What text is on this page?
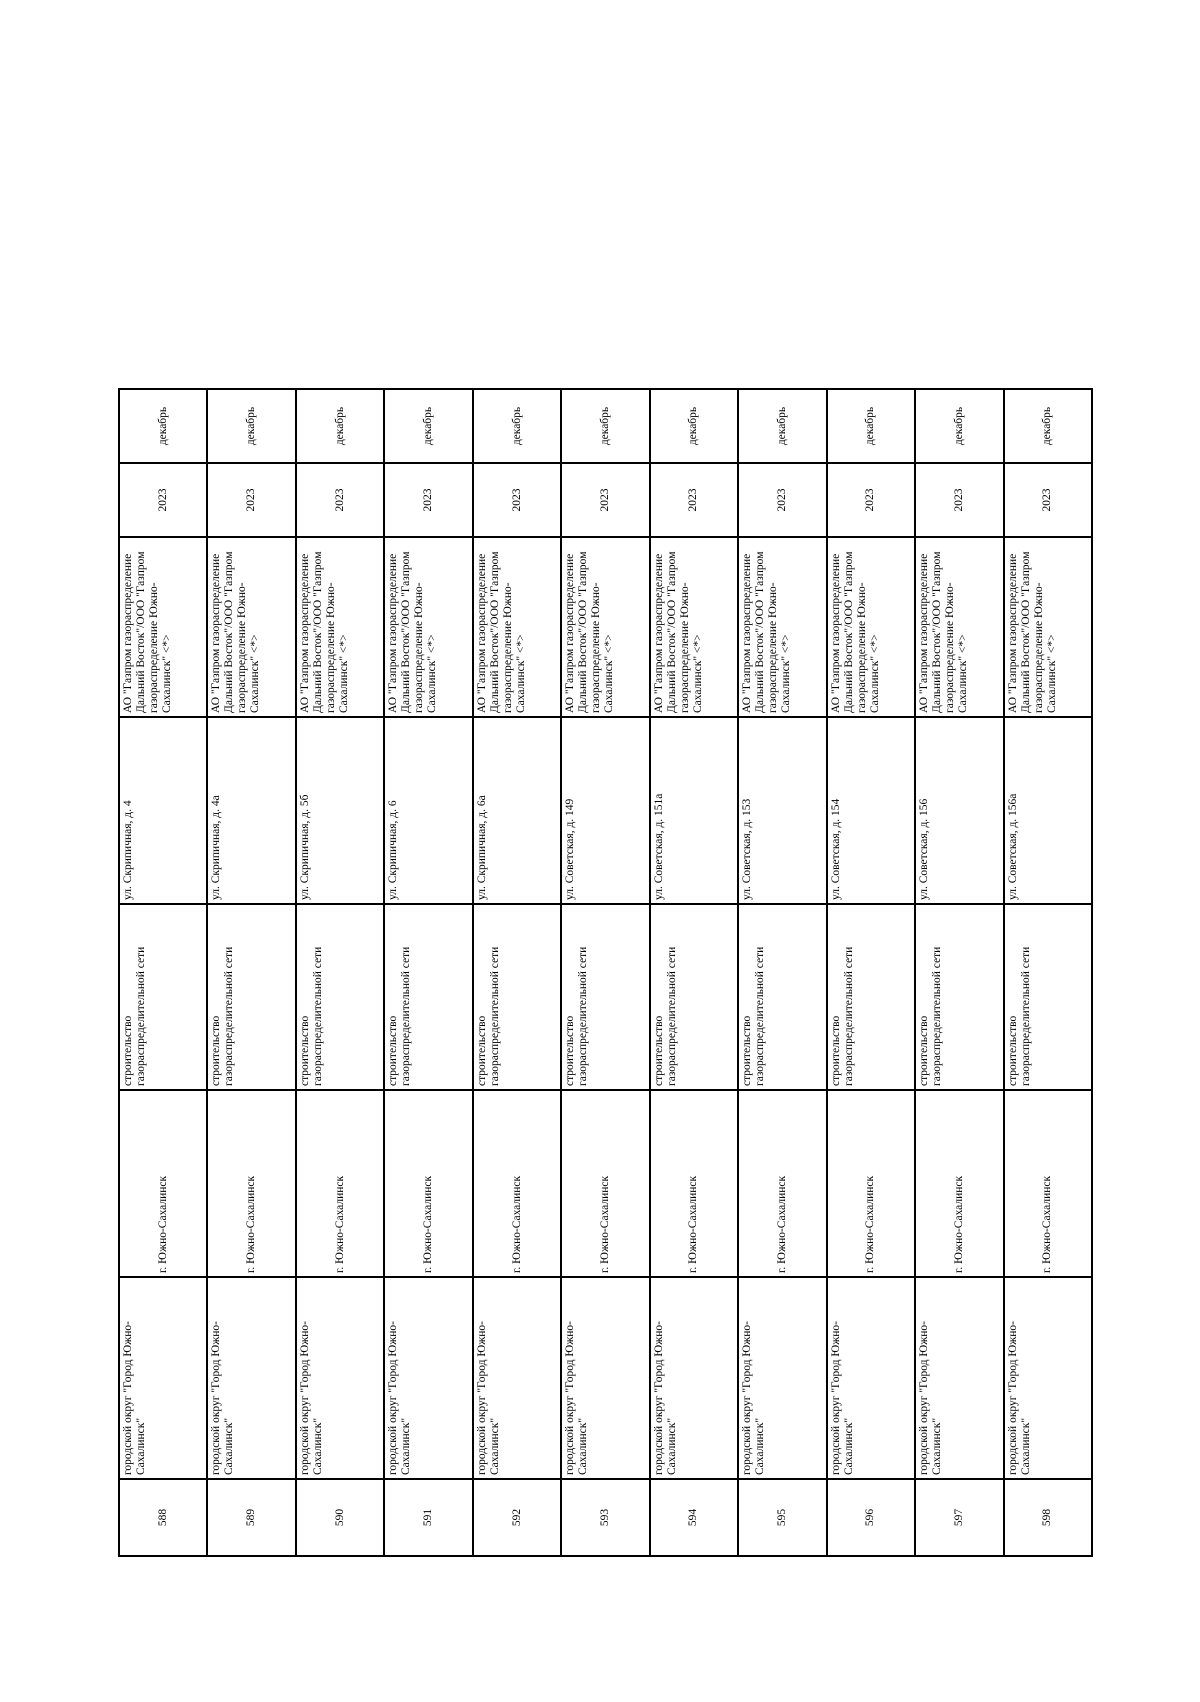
588	городской округ "Город Южно-Сахалинск"	г. Южно-Сахалинск	строительство газораспределительной сети	ул. Скрипичная, д. 4	АО "Газпром газораспределение Дальний Восток"/ООО "Газпром газораспределение Южно-Сахалинск" <*>	2023	декабрь
589	городской округ "Город Южно-Сахалинск"	г. Южно-Сахалинск	строительство газораспределительной сети	ул. Скрипичная, д. 4а	АО "Газпром газораспределение Дальний Восток"/ООО "Газпром газораспределение Южно-Сахалинск" <*>	2023	декабрь
590	городской округ "Город Южно-Сахалинск"	г. Южно-Сахалинск	строительство газораспределительной сети	ул. Скрипичная, д. 5б	АО "Газпром газораспределение Дальний Восток"/ООО "Газпром газораспределение Южно-Сахалинск" <*>	2023	декабрь
591	городской округ "Город Южно-Сахалинск"	г. Южно-Сахалинск	строительство газораспределительной сети	ул. Скрипичная, д. 6	АО "Газпром газораспределение Дальний Восток"/ООО "Газпром газораспределение Южно-Сахалинск" <*>	2023	декабрь
592	городской округ "Город Южно-Сахалинск"	г. Южно-Сахалинск	строительство газораспределительной сети	ул. Скрипичная, д. 6а	АО "Газпром газораспределение Дальний Восток"/ООО "Газпром газораспределение Южно-Сахалинск" <*>	2023	декабрь
593	городской округ "Город Южно-Сахалинск"	г. Южно-Сахалинск	строительство газораспределительной сети	ул. Советская, д. 149	АО "Газпром газораспределение Дальний Восток"/ООО "Газпром газораспределение Южно-Сахалинск" <*>	2023	декабрь
594	городской округ "Город Южно-Сахалинск"	г. Южно-Сахалинск	строительство газораспределительной сети	ул. Советская, д. 151а	АО "Газпром газораспределение Дальний Восток"/ООО "Газпром газораспределение Южно-Сахалинск" <*>	2023	декабрь
595	городской округ "Город Южно-Сахалинск"	г. Южно-Сахалинск	строительство газораспределительной сети	ул. Советская, д. 153	АО "Газпром газораспределение Дальний Восток"/ООО "Газпром газораспределение Южно-Сахалинск" <*>	2023	декабрь
596	городской округ "Город Южно-Сахалинск"	г. Южно-Сахалинск	строительство газораспределительной сети	ул. Советская, д. 154	АО "Газпром газораспределение Дальний Восток"/ООО "Газпром газораспределение Южно-Сахалинск" <*>	2023	декабрь
597	городской округ "Город Южно-Сахалинск"	г. Южно-Сахалинск	строительство газораспределительной сети	ул. Советская, д. 156	АО "Газпром газораспределение Дальний Восток"/ООО "Газпром газораспределение Южно-Сахалинск" <*>	2023	декабрь
598	городской округ "Город Южно-Сахалинск"	г. Южно-Сахалинск	строительство газораспределительной сети	ул. Советская, д. 156а	АО "Газпром газораспределение Дальний Восток"/ООО "Газпром газораспределение Южно-Сахалинск" <*>	2023	декабрь
